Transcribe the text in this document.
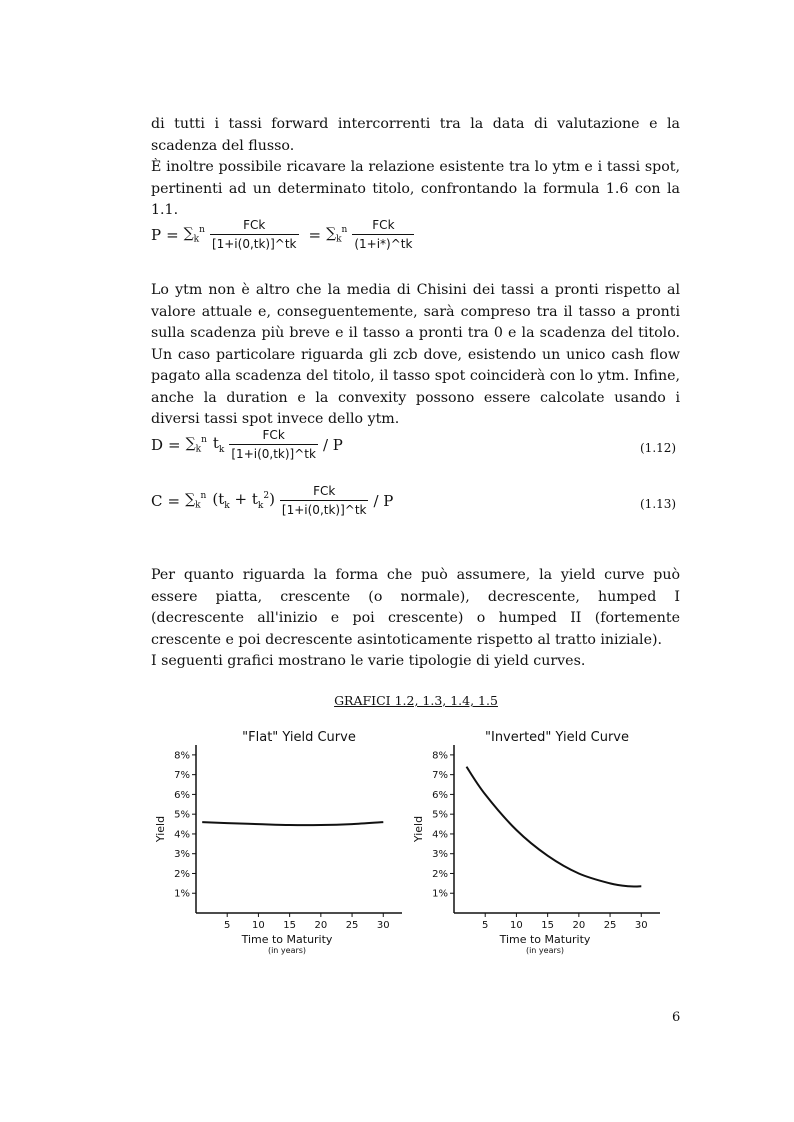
di tutti i tassi forward intercorrenti tra la data di valutazione e la scadenza del flusso.

È inoltre possibile ricavare la relazione esistente tra lo ytm e i tassi spot, pertinenti ad un determinato titolo, confrontando la formula 1.6 con la 1.1.

$P = \sum_k^n \frac{\text{FCk}}{[1+i(0,tk)]\^{}tk} = \sum_k^n \frac{\text{FCk}}{(1+i*)\^{}tk}$

Lo ytm non è altro che la media di Chisini dei tassi a pronti rispetto al valore attuale e, conseguentemente, sarà compreso tra il tasso a pronti sulla scadenza più breve e il tasso a pronti tra 0 e la scadenza del titolo. Un caso particolare riguarda gli zcb dove, esistendo un unico cash flow pagato alla scadenza del titolo, il tasso spot coinciderà con lo ytm. Infine, anche la duration e la convexity possono essere calcolate usando i diversi tassi spot invece dello ytm.

$D = \sum_k^n$ $t_k \frac{\text{FCk}}{[1+i(0,tk)]\^{}tk}$ / P	(1.12)
$C = \sum_k^n$ $(t_k + t_k^2) \frac{\text{FCk}}{[1+i(0,tk)]\^{}tk} / P$	(1.13)

Per quanto riguarda la forma che può assumere, la yield curve può essere piatta, crescente (o normale), decrescente, humped I (decrescente all'inizio e poi crescente) o humped II (fortemente crescente e poi decrescente asintoticamente rispetto al tratto iniziale).

I seguenti grafici mostrano le varie tipologie di yield curves.

GRAFICI 1.2, 1.3, 1.4, 1.5
"Flat" Yield Curve
1%
2%
3%
4%
5%
6%
7%
8%
5 10 15 20 25 30
Time to Maturity
(in years)
Yield
"Inverted" Yield Curve
1%
2%
3%
4%
5%
6%
7%
8%
5 10 15 20 25 30
Time to Maturity
(in years)
Yield
6
